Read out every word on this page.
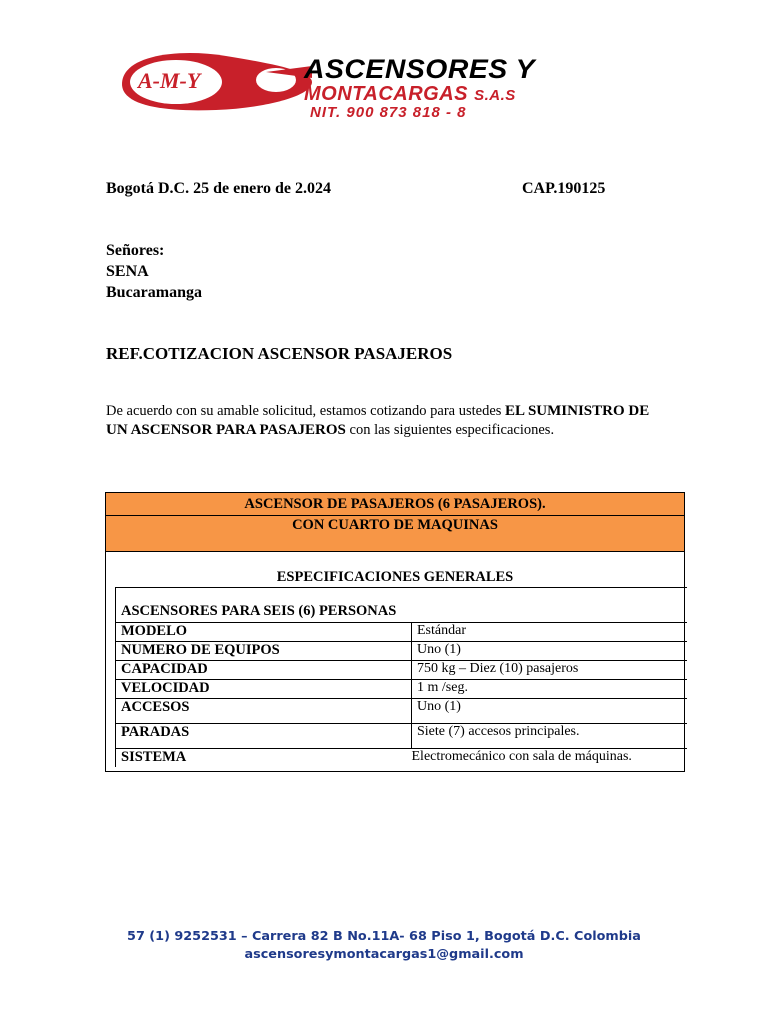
A-M-Y	ASCENSORES Y
MONTACARGAS S.A.S
NIT. 900 873 818 - 8
Bogotá D.C. 25 de enero de 2.024	CAP.190125
Señores:
SENA
Bucaramanga
REF.COTIZACION ASCENSOR PASAJEROS
De acuerdo con su amable solicitud, estamos cotizando para ustedes EL SUMINISTRO DE UN ASCENSOR PARA PASAJEROS con las siguientes especificaciones.
ASCENSOR DE PASAJEROS (6 PASAJEROS).
CON CUARTO DE MAQUINAS
ESPECIFICACIONES GENERALES
ASCENSORES PARA SEIS (6) PERSONAS
MODELO	Estándar
NUMERO DE EQUIPOS	Uno (1)
CAPACIDAD	750 kg – Diez (10) pasajeros
VELOCIDAD	1 m /seg.
ACCESOS	Uno (1)
PARADAS	Siete (7) accesos principales.
SISTEMA	Electromecánico con sala de máquinas.
57 (1) 9252531 – Carrera 82 B No.11A- 68 Piso 1, Bogotá D.C. Colombia
ascensoresymontacargas1@gmail.com
